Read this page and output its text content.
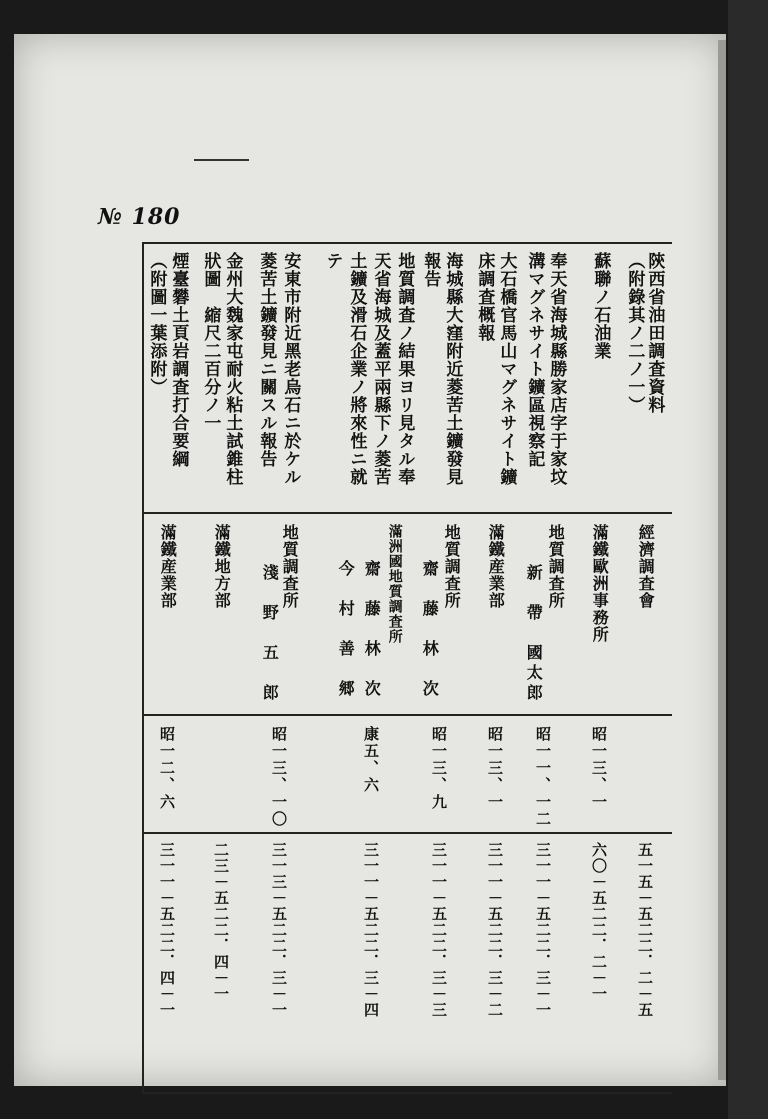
№ 180
陝西省油田調査資料
（附錄其ノ二ノ一）
經濟調査會
五一五－五二二．二－五
蘇聯ノ石油業
滿鐵歐洲事務所
昭一三、一
六〇－五二二．二－一
奉天省海城縣勝家店字于家坟
溝マグネサイト鑛區視察記
地質調査所
新　帶　國太郎
昭一一、一二
三一一－五二二．三－一
大石橋官馬山マグネサイト鑛
床調査概報
滿鐵産業部
昭一三、一
三一一－五二二．三－二
海城縣大窪附近菱苦土鑛發見
報告
地質調査所
齋　藤　林　次
昭一三、九
三一一－五二二．三－三
地質調査ノ結果ヨリ見タル奉
天省海城及蓋平兩縣下ノ菱苦
土鑛及滑石企業ノ將來性ニ就
テ
滿洲國地質調査所
齋　藤　林　次
今　村　善　郷
康五、六
三一一－五二二．三－四
安東市附近黑老烏石ニ於ケル
菱苦土鑛發見ニ關スル報告
地質調査所
淺　野　五　郎
昭一三、一〇
三一三－五二二．三－一
金州大魏家屯耐火粘土試錐柱
狀圖　縮尺二百分ノ一
滿鐵地方部
二三－五二二．四－一
煙臺礬土頁岩調査打合要綱
（附圖一葉添附）
滿鐵産業部
昭一二、六
三一一－五二二．四－一
